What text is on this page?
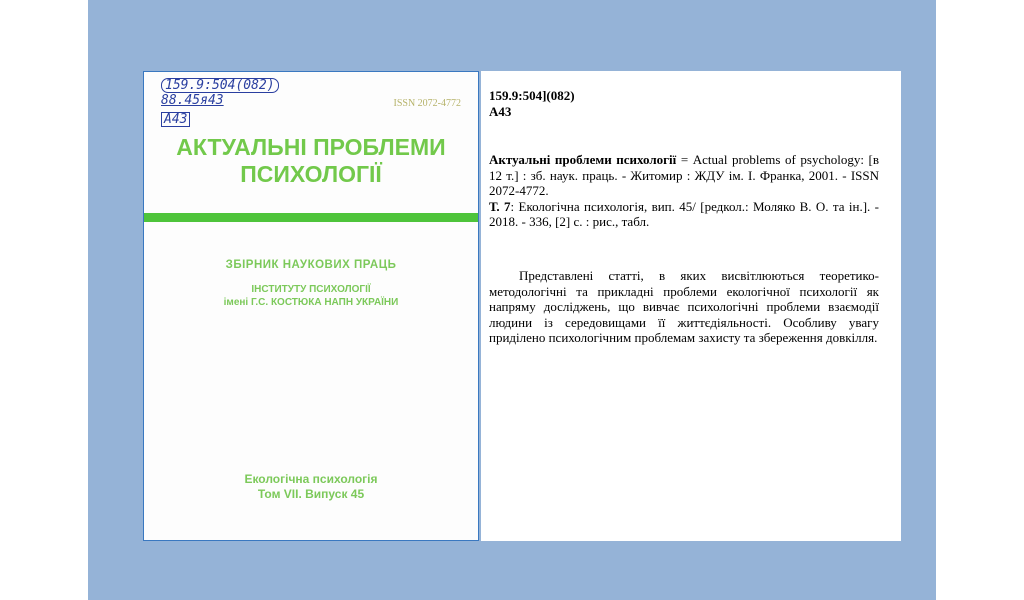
159.9:504(082)
88.45я43
А43
ISSN 2072-4772
АКТУАЛЬНІ ПРОБЛЕМИ
ПСИХОЛОГІЇ
ЗБІРНИК НАУКОВИХ ПРАЦЬ
ІНСТИТУТУ ПСИХОЛОГІЇ
імені Г.С. КОСТЮКА НАПН УКРАЇНИ
Екологічна психологія
Том VII. Випуск 45
159.9:504](082)
А43
Актуальні проблеми психології = Actual problems of psychology: [в 12 т.] : зб. наук. праць. - Житомир : ЖДУ ім. І. Франка, 2001. - ISSN 2072-4772.
Т. 7: Екологічна психологія, вип. 45/ [редкол.: Моляко В. О. та ін.]. - 2018. - 336, [2] с. : рис., табл.
Представлені статті, в яких висвітлюються теоретико-методологічні та прикладні проблеми екологічної психології як напряму досліджень, що вивчає психологічні проблеми взаємодії людини із середовищами її життєдіяльності. Особливу увагу приділено психологічним проблемам захисту та збереження довкілля.
